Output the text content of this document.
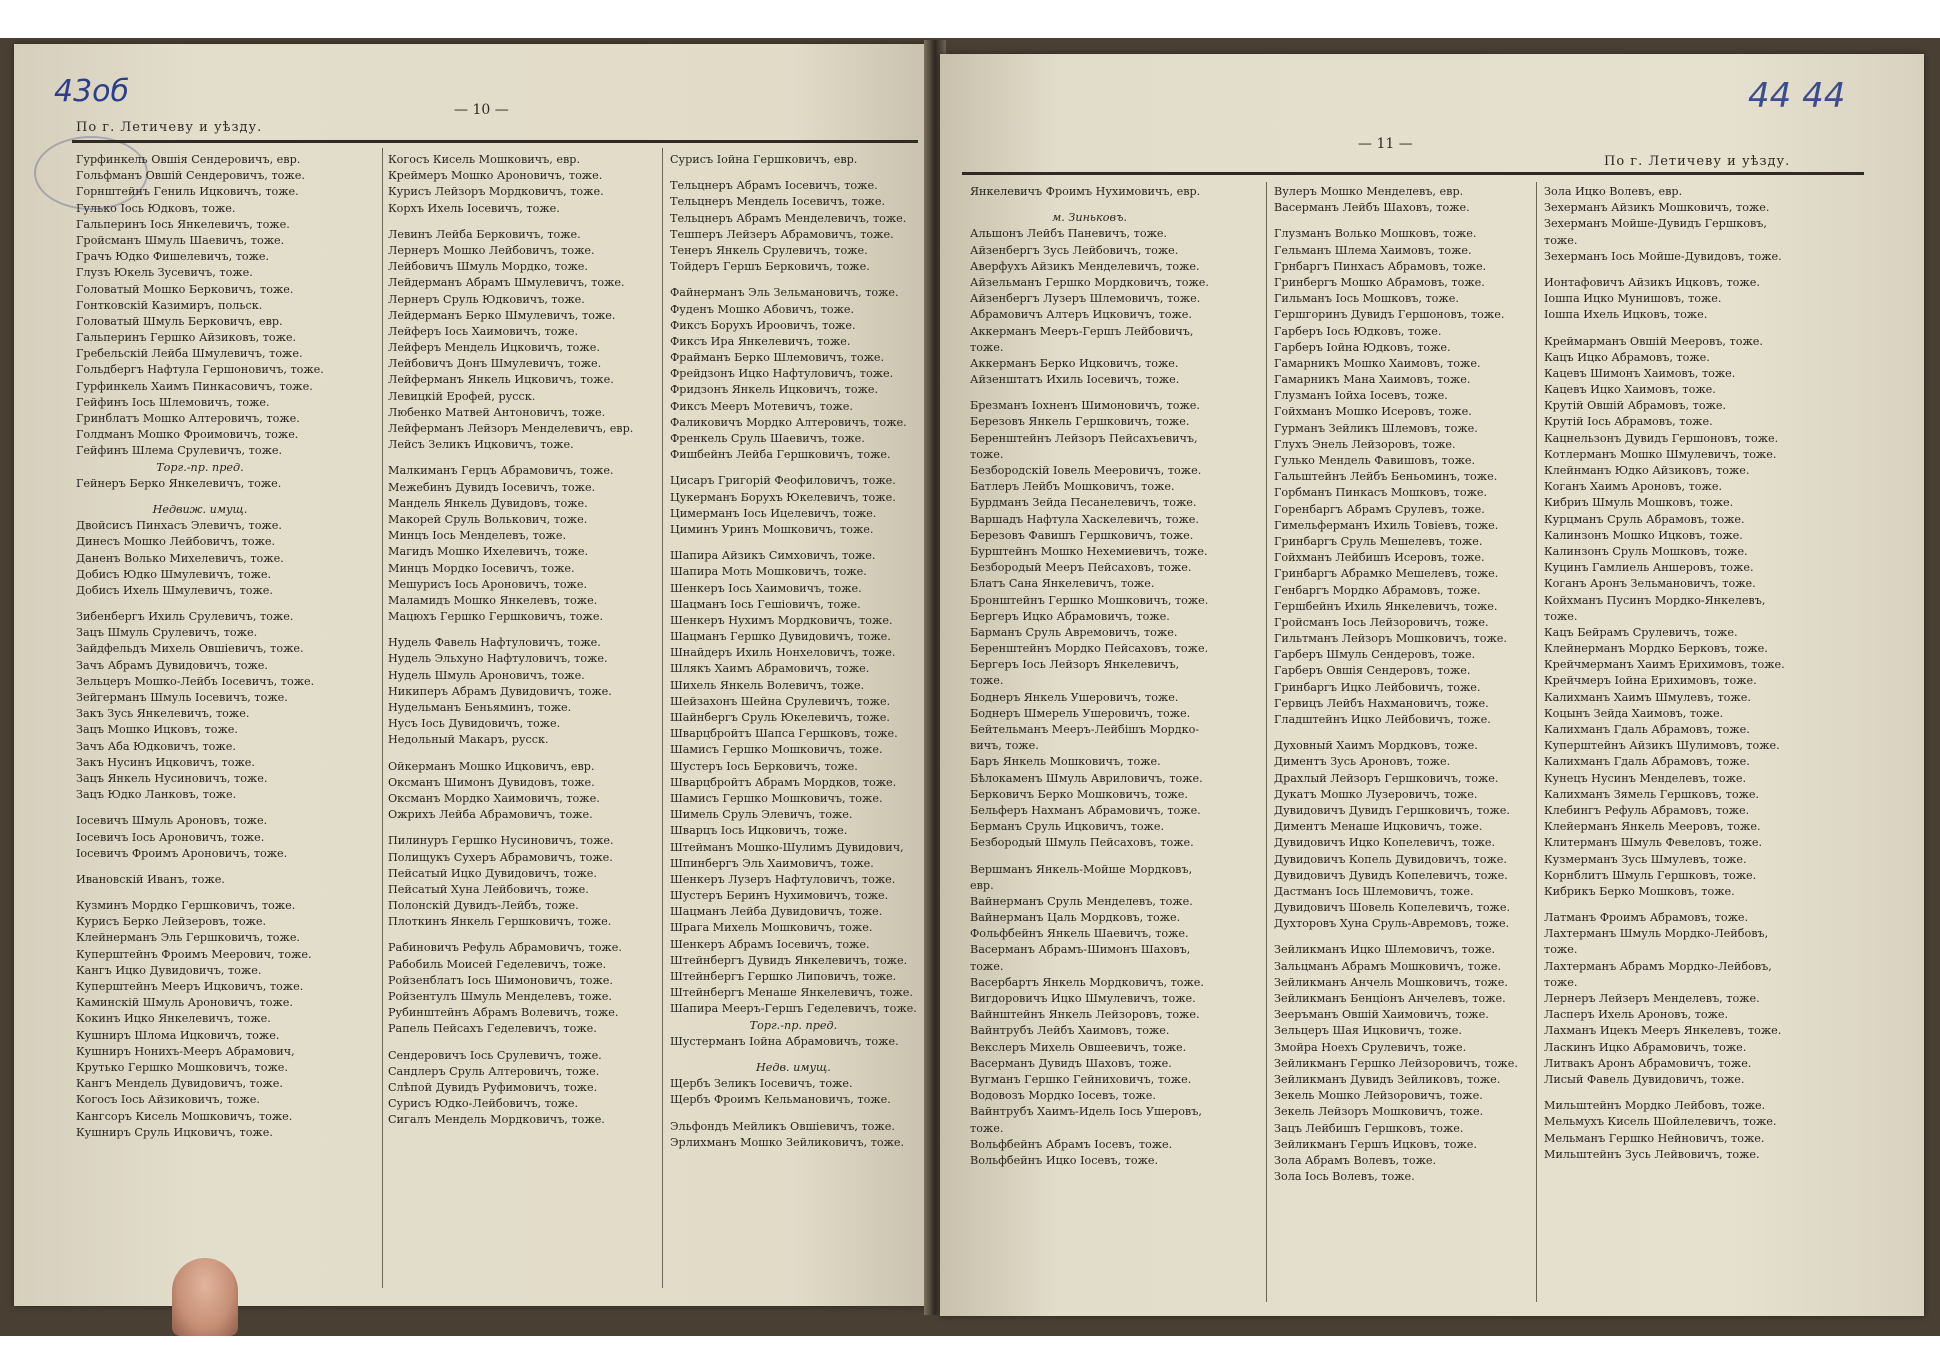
43об
— 10 —
По г. Летичеву и уѣзду.
Гурфинкель Овшія Сендеровичъ, евр.
Гольфманъ Овшій Сендеровичъ, тоже.
Горнштейнъ Гениль Ицковичъ, тоже.
Гулько Іось Юдковъ, тоже.
Гальперинъ Іось Янкелевичъ, тоже.
Гройсманъ Шмуль Шаевичъ, тоже.
Грачъ Юдко Фишелевичъ, тоже.
Глузъ Юкель Зусевичъ, тоже.
Головатый Мошко Берковичъ, тоже.
Гонтковскій Казимиръ, польск.
Головатый Шмуль Берковичъ, евр.
Гальперинъ Гершко Айзиковъ, тоже.
Гребельскій Лейба Шмулевичъ, тоже.
Гольдбергъ Нафтула Гершоновичъ, тоже.
Гурфинкель Хаимъ Пинкасовичъ, тоже.
Гейфинъ Іось Шлемовичъ, тоже.
Гринблатъ Мошко Алтеровичъ, тоже.
Голдманъ Мошко Фроимовичъ, тоже.
Гейфинъ Шлема Срулевичъ, тоже.
Торг.-пр. пред.
Гейнеръ Берко Янкелевичъ, тоже.
Недвиж. имущ.
Двойсисъ Пинхасъ Элевичъ, тоже.
Динесъ Мошко Лейбовичъ, тоже.
Даненъ Волько Михелевичъ, тоже.
Добисъ Юдко Шмулевичъ, тоже.
Добисъ Ихель Шмулевичъ, тоже.
Зибенбергъ Ихиль Срулевичъ, тоже.
Зацъ Шмуль Срулевичъ, тоже.
Зайдфельдъ Михель Овшіевичъ, тоже.
Зачъ Абрамъ Дувидовичъ, тоже.
Зельцеръ Мошко-Лейбъ Іосевичъ, тоже.
Зейгерманъ Шмуль Іосевичъ, тоже.
Закъ Зусь Янкелевичъ, тоже.
Зацъ Мошко Ицковъ, тоже.
Зачъ Аба Юдковичъ, тоже.
Закъ Нусинъ Ицковичъ, тоже.
Зацъ Янкель Нусиновичъ, тоже.
Зацъ Юдко Ланковъ, тоже.
Іосевичъ Шмуль Ароновъ, тоже.
Іосевичъ Іось Ароновичъ, тоже.
Іосевичъ Фроимъ Ароновичъ, тоже.
Ивановскій Иванъ, тоже.
Кузминъ Мордко Гершковичъ, тоже.
Курисъ Берко Лейзеровъ, тоже.
Клейнерманъ Эль Гершковичъ, тоже.
Куперштейнъ Фроимъ Меерович, тоже.
Кангъ Ицко Дувидовичъ, тоже.
Куперштейнъ Мееръ Ицковичъ, тоже.
Каминскій Шмуль Ароновичъ, тоже.
Кокинъ Ицко Янкелевичъ, тоже.
Кушниръ Шлома Ицковичъ, тоже.
Кушниръ Нонихъ-Мееръ Абрамович,
Крутько Гершко Мошковичъ, тоже.
Кангъ Мендель Дувидовичъ, тоже.
Когосъ Іось Айзиковичъ, тоже.
Кангсоръ Кисель Мошковичъ, тоже.
Кушниръ Сруль Ицковичъ, тоже.
Когосъ Кисель Мошковичъ, евр.
Креймеръ Мошко Ароновичъ, тоже.
Курисъ Лейзоръ Мордковичъ, тоже.
Корхъ Ихель Іосевичъ, тоже.
Левинъ Лейба Берковичъ, тоже.
Лернеръ Мошко Лейбовичъ, тоже.
Лейбовичъ Шмуль Мордко, тоже.
Лейдерманъ Абрамъ Шмулевичъ, тоже.
Лернеръ Сруль Юдковичъ, тоже.
Лейдерманъ Берко Шмулевичъ, тоже.
Лейферъ Іось Хаимовичъ, тоже.
Лейферъ Мендель Ицковичъ, тоже.
Лейбовичъ Донъ Шмулевичъ, тоже.
Лейферманъ Янкель Ицковичъ, тоже.
Левицкій Ерофей, русск.
Любенко Матвей Антоновичъ, тоже.
Лейферманъ Лейзоръ Менделевичъ, евр.
Лейсъ Зеликъ Ицковичъ, тоже.
Малкиманъ Герцъ Абрамовичъ, тоже.
Межебинъ Дувидъ Іосевичъ, тоже.
Мандель Янкель Дувидовъ, тоже.
Макорей Сруль Волькович, тоже.
Минцъ Іось Менделевъ, тоже.
Магидъ Мошко Ихелевичъ, тоже.
Минцъ Мордко Іосевичъ, тоже.
Мешурисъ Іось Ароновичъ, тоже.
Маламидъ Мошко Янкелевъ, тоже.
Мацюхъ Гершко Гершковичъ, тоже.
Нудель Фавель Нафтуловичъ, тоже.
Нудель Эльхуно Нафтуловичъ, тоже.
Нудель Шмуль Ароновичъ, тоже.
Никиперъ Абрамъ Дувидовичъ, тоже.
Нудельманъ Беньяминъ, тоже.
Нусъ Іось Дувидовичъ, тоже.
Недольный Макаръ, русск.
Ойкерманъ Мошко Ицковичъ, евр.
Оксманъ Шимонъ Дувидовъ, тоже.
Оксманъ Мордко Хаимовичъ, тоже.
Ожрихъ Лейба Абрамовичъ, тоже.
Пилинуръ Гершко Нусиновичъ, тоже.
Полищукъ Сухеръ Абрамовичъ, тоже.
Пейсатый Ицко Дувидовичъ, тоже.
Пейсатый Хуна Лейбовичъ, тоже.
Полонскій Дувидъ-Лейбъ, тоже.
Плоткинъ Янкель Гершковичъ, тоже.
Рабиновичъ Рефуль Абрамовичъ, тоже.
Рабобиль Моисей Геделевичъ, тоже.
Ройзенблатъ Іось Шимоновичъ, тоже.
Ройзентулъ Шмуль Менделевъ, тоже.
Рубинштейнъ Абрамъ Волевичъ, тоже.
Рапель Пейсахъ Геделевичъ, тоже.
Сендеровичъ Іось Срулевичъ, тоже.
Сандлеръ Сруль Алтеровичъ, тоже.
Слѣпой Дувидъ Руфимовичъ, тоже.
Сурисъ Юдко-Лейбовичъ, тоже.
Сигалъ Мендель Мордковичъ, тоже.
Сурисъ Іойна Гершковичъ, евр.
Тельцнеръ Абрамъ Іосевичъ, тоже.
Тельцнеръ Мендель Іосевичъ, тоже.
Тельцнеръ Абрамъ Менделевичъ, тоже.
Тешперъ Лейзеръ Абрамовичъ, тоже.
Тенеръ Янкель Срулевичъ, тоже.
Тойдеръ Гершъ Берковичъ, тоже.
Файнерманъ Эль Зельмановичъ, тоже.
Фуденъ Мошко Абовичъ, тоже.
Фиксъ Борухъ Ироовичъ, тоже.
Фиксъ Ира Янкелевичъ, тоже.
Фрайманъ Берко Шлемовичъ, тоже.
Фрейдзонъ Ицко Нафтуловичъ, тоже.
Фридзонъ Янкель Ицковичъ, тоже.
Фиксъ Мееръ Мотевичъ, тоже.
Фаликовичъ Мордко Алтеровичъ, тоже.
Френкель Сруль Шаевичъ, тоже.
Фишбейнъ Лейба Гершковичъ, тоже.
Цисаръ Григорій Феофиловичъ, тоже.
Цукерманъ Борухъ Юкелевичъ, тоже.
Цимерманъ Іось Ицелевичъ, тоже.
Циминъ Уринъ Мошковичъ, тоже.
Шапира Айзикъ Симховичъ, тоже.
Шапира Моть Мошковичъ, тоже.
Шенкеръ Іось Хаимовичъ, тоже.
Шацманъ Іось Гешіовичъ, тоже.
Шенкеръ Нухимъ Мордковичъ, тоже.
Шацманъ Гершко Дувидовичъ, тоже.
Шнайдеръ Ихиль Нонхеловичъ, тоже.
Шлякъ Хаимъ Абрамовичъ, тоже.
Шихель Янкель Волевичъ, тоже.
Шейзахонъ Шейна Срулевичъ, тоже.
Шайнбергъ Сруль Юкелевичъ, тоже.
Шварцбройтъ Шапса Гершковъ, тоже.
Шамисъ Гершко Мошковичъ, тоже.
Шустеръ Іось Берковичъ, тоже.
Шварцбройтъ Абрамъ Мордков, тоже.
Шамисъ Гершко Мошковичъ, тоже.
Шимель Сруль Элевичъ, тоже.
Шварцъ Іось Ицковичъ, тоже.
Штейманъ Мошко-Шулимъ Дувидович,
Шпинбергъ Эль Хаимовичъ, тоже.
Шенкеръ Лузеръ Нафтуловичъ, тоже.
Шустеръ Беринъ Нухимовичъ, тоже.
Шацманъ Лейба Дувидовичъ, тоже.
Шрага Михель Мошковичъ, тоже.
Шенкеръ Абрамъ Іосевичъ, тоже.
Штейнбергъ Дувидъ Янкелевичъ, тоже.
Штейнбергъ Гершко Липовичъ, тоже.
Штейнбергъ Менаше Янкелевичъ, тоже.
Шапира Мееръ-Гершъ Геделевичъ, тоже.
Торг.-пр. пред.
Шустерманъ Іойна Абрамовичъ, тоже.
Недв. имущ.
Щербъ Зеликъ Іосевичъ, тоже.
Щербъ Фроимъ Кельмановичъ, тоже.
Эльфондъ Мейликъ Овшіевичъ, тоже.
Эрлихманъ Мошко Зейликовичъ, тоже.
44 44
— 11 —
По г. Летичеву и уѣзду.
Янкелевичъ Фроимъ Нухимовичъ, евр.
м. Зиньковъ.
Альшонъ Лейбъ Паневичъ, тоже.
Айзенбергъ Зусь Лейбовичъ, тоже.
Аверфухъ Айзикъ Менделевичъ, тоже.
Айзельманъ Гершко Мордковичъ, тоже.
Айзенбергъ Лузеръ Шлемовичъ, тоже.
Абрамовичъ Алтеръ Ицковичъ, тоже.
Аккерманъ Мееръ-Гершъ Лейбовичъ,
тоже.
Аккерманъ Берко Ицковичъ, тоже.
Айзенштатъ Ихиль Іосевичъ, тоже.
Брезманъ Іохненъ Шимоновичъ, тоже.
Березовъ Янкель Гершковичъ, тоже.
Беренштейнъ Лейзоръ Пейсахъевичъ,
тоже.
Безбородскій Іовель Мееровичъ, тоже.
Батлеръ Лейбъ Мошковичъ, тоже.
Бурдманъ Зейда Песанелевичъ, тоже.
Варшадъ Нафтула Хаскелевичъ, тоже.
Березовъ Фавишъ Гершковичъ, тоже.
Бурштейнъ Мошко Нехемиевичъ, тоже.
Безбородый Мееръ Пейсаховъ, тоже.
Блатъ Сана Янкелевичъ, тоже.
Бронштейнъ Гершко Мошковичъ, тоже.
Бергеръ Ицко Абрамовичъ, тоже.
Барманъ Сруль Авремовичъ, тоже.
Беренштейнъ Мордко Пейсаховъ, тоже.
Бергеръ Іось Лейзоръ Янкелевичъ,
тоже.
Боднеръ Янкель Ушеровичъ, тоже.
Боднеръ Шмерель Ушеровичъ, тоже.
Бейтельманъ Мееръ-Лейбішъ Мордко-
вичъ, тоже.
Баръ Янкель Мошковичъ, тоже.
Бѣлокаменъ Шмуль Авриловичъ, тоже.
Берковичъ Берко Мошковичъ, тоже.
Бельферъ Нахманъ Абрамовичъ, тоже.
Берманъ Сруль Ицковичъ, тоже.
Безбородый Шмуль Пейсаховъ, тоже.
Вершманъ Янкель-Мойше Мордковъ,
евр.
Вайнерманъ Сруль Менделевъ, тоже.
Вайнерманъ Цаль Мордковъ, тоже.
Фольфбейнъ Янкель Шаевичъ, тоже.
Васерманъ Абрамъ-Шимонъ Шаховъ,
тоже.
Васербартъ Янкель Мордковичъ, тоже.
Вигдоровичъ Ицко Шмулевичъ, тоже.
Вайнштейнъ Янкель Лейзоровъ, тоже.
Вайнтрубъ Лейбъ Хаимовъ, тоже.
Векслеръ Михель Овшеевичъ, тоже.
Васерманъ Дувидъ Шаховъ, тоже.
Вугманъ Гершко Гейниховичъ, тоже.
Водовозъ Мордко Іосевъ, тоже.
Вайнтрубъ Хаимъ-Идель Іось Ушеровъ,
тоже.
Вольфбейнъ Абрамъ Іосевъ, тоже.
Вольфбейнъ Ицко Іосевъ, тоже.
Вулеръ Мошко Менделевъ, евр.
Васерманъ Лейбъ Шаховъ, тоже.
Глузманъ Волько Мошковъ, тоже.
Гельманъ Шлема Хаимовъ, тоже.
Грнбаргъ Пинхасъ Абрамовъ, тоже.
Гринбергъ Мошко Абрамовъ, тоже.
Гильманъ Іось Мошковъ, тоже.
Гершгоринъ Дувидъ Гершоновъ, тоже.
Гарберъ Іось Юдковъ, тоже.
Гарберъ Іойна Юдковъ, тоже.
Гамарникъ Мошко Хаимовъ, тоже.
Гамарникъ Мана Хаимовъ, тоже.
Глузманъ Іойха Іосевъ, тоже.
Гойхманъ Мошко Исеровъ, тоже.
Гурманъ Зейликъ Шлемовъ, тоже.
Глухъ Энель Лейзоровъ, тоже.
Гулько Мендель Фавишовъ, тоже.
Гальштейнъ Лейбъ Беньоминъ, тоже.
Горбманъ Пинкасъ Мошковъ, тоже.
Горенбаргъ Абрамъ Срулевъ, тоже.
Гимельферманъ Ихиль Товіевъ, тоже.
Гринбаргъ Сруль Мешелевъ, тоже.
Гойхманъ Лейбишъ Исеровъ, тоже.
Гринбаргъ Абрамко Мешелевъ, тоже.
Генбаргъ Мордко Абрамовъ, тоже.
Гершбейнъ Ихиль Янкелевичъ, тоже.
Гройсманъ Іось Лейзоровичъ, тоже.
Гильтманъ Лейзоръ Мошковичъ, тоже.
Гарберъ Шмуль Сендеровъ, тоже.
Гарберъ Овшія Сендеровъ, тоже.
Гринбаргъ Ицко Лейбовичъ, тоже.
Гервицъ Лейбъ Нахмановичъ, тоже.
Гладштейнъ Ицко Лейбовичъ, тоже.
Духовный Хаимъ Мордковъ, тоже.
Диментъ Зусь Ароновъ, тоже.
Драхлый Лейзоръ Гершковичъ, тоже.
Дукатъ Мошко Лузеровичъ, тоже.
Дувидовичъ Дувидъ Гершковичъ, тоже.
Диментъ Менаше Ицковичъ, тоже.
Дувидовичъ Ицко Копелевичъ, тоже.
Дувидовичъ Копель Дувидовичъ, тоже.
Дувидовичъ Дувидъ Копелевичъ, тоже.
Дастманъ Іось Шлемовичъ, тоже.
Дувидовичъ Шовель Копелевичъ, тоже.
Духторовъ Хуна Сруль-Авремовъ, тоже.
Зейликманъ Ицко Шлемовичъ, тоже.
Зальцманъ Абрамъ Мошковичъ, тоже.
Зейликманъ Анчель Мошковичъ, тоже.
Зейликманъ Бенціонъ Анчелевъ, тоже.
Зееръманъ Овшій Хаимовичъ, тоже.
Зельцеръ Шая Ицковичъ, тоже.
Змойра Ноехъ Срулевичъ, тоже.
Зейликманъ Гершко Лейзоровичъ, тоже.
Зейликманъ Дувидъ Зейликовъ, тоже.
Зекель Мошко Лейзоровичъ, тоже.
Зекель Лейзоръ Мошковичъ, тоже.
Зацъ Лейбишъ Гершковъ, тоже.
Зейликманъ Гершъ Ицковъ, тоже.
Зола Абрамъ Волевъ, тоже.
Зола Іось Волевъ, тоже.
Зола Ицко Волевъ, евр.
Зехерманъ Айзикъ Мошковичъ, тоже.
Зехерманъ Мойше-Дувидъ Гершковъ,
тоже.
Зехерманъ Іось Мойше-Дувидовъ, тоже.
Ионтафовичъ Айзикъ Ицковъ, тоже.
Іошпа Ицко Мунишовъ, тоже.
Іошпа Ихель Ицковъ, тоже.
Креймарманъ Овшій Мееровъ, тоже.
Кацъ Ицко Абрамовъ, тоже.
Кацевъ Шимонъ Хаимовъ, тоже.
Кацевъ Ицко Хаимовъ, тоже.
Крутій Овшій Абрамовъ, тоже.
Крутій Іось Абрамовъ, тоже.
Кацнельзонъ Дувидъ Гершоновъ, тоже.
Котлерманъ Мошко Шмулевичъ, тоже.
Клейнманъ Юдко Айзиковъ, тоже.
Коганъ Хаимъ Ароновъ, тоже.
Кибриъ Шмуль Мошковъ, тоже.
Курцманъ Сруль Абрамовъ, тоже.
Калинзонъ Мошко Ицковъ, тоже.
Калинзонъ Сруль Мошковъ, тоже.
Куцинъ Гамлиель Аншеровъ, тоже.
Коганъ Аронъ Зельмановичъ, тоже.
Койхманъ Пусинъ Мордко-Янкелевъ,
тоже.
Кацъ Бейрамъ Срулевичъ, тоже.
Клейнерманъ Мордко Берковъ, тоже.
Крейчмерманъ Хаимъ Ерихимовъ, тоже.
Крейчмеръ Іойна Ерихимовъ, тоже.
Калихманъ Хаимъ Шмулевъ, тоже.
Коцынъ Зейда Хаимовъ, тоже.
Калихманъ Гдаль Абрамовъ, тоже.
Куперштейнъ Айзикъ Шулимовъ, тоже.
Калихманъ Гдаль Абрамовъ, тоже.
Кунецъ Нусинъ Менделевъ, тоже.
Калихманъ Зямель Гершковъ, тоже.
Клебингъ Рефуль Абрамовъ, тоже.
Клейерманъ Янкель Мееровъ, тоже.
Клитерманъ Шмуль Февеловъ, тоже.
Кузмерманъ Зусь Шмулевъ, тоже.
Корнблитъ Шмуль Гершковъ, тоже.
Кибрикъ Берко Мошковъ, тоже.
Латманъ Фроимъ Абрамовъ, тоже.
Лахтерманъ Шмуль Мордко-Лейбовъ,
тоже.
Лахтерманъ Абрамъ Мордко-Лейбовъ,
тоже.
Лернеръ Лейзеръ Менделевъ, тоже.
Ласперъ Ихель Ароновъ, тоже.
Лахманъ Ицекъ Мееръ Янкелевъ, тоже.
Ласкинъ Ицко Абрамовичъ, тоже.
Литвакъ Аронъ Абрамовичъ, тоже.
Лисый Фавель Дувидовичъ, тоже.
Мильштейнъ Мордко Лейбовъ, тоже.
Мельмухъ Кисель Шойлелевичъ, тоже.
Мельманъ Гершко Нейновичъ, тоже.
Мильштейнъ Зусь Лейвовичъ, тоже.
